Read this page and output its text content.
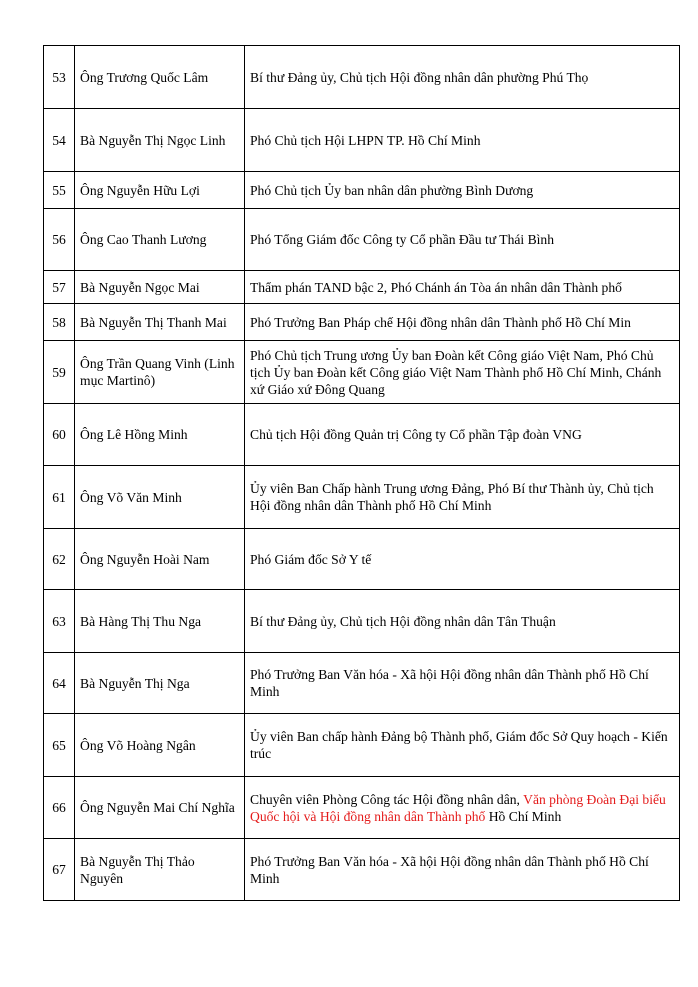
53	Ông Trương Quốc Lâm	Bí thư Đảng ủy, Chủ tịch Hội đồng nhân dân phường Phú Thọ
54	Bà Nguyễn Thị Ngọc Linh	Phó Chủ tịch Hội LHPN TP. Hồ Chí Minh
55	Ông Nguyễn Hữu Lợi	Phó Chủ tịch Ủy ban nhân dân phường Bình Dương
56	Ông Cao Thanh Lương	Phó Tổng Giám đốc Công ty Cổ phần Đầu tư Thái Bình
57	Bà Nguyễn Ngọc Mai	Thẩm phán TAND bậc 2, Phó Chánh án Tòa án nhân dân Thành phố
58	Bà Nguyễn Thị Thanh Mai	Phó Trưởng Ban Pháp chế Hội đồng nhân dân Thành phố Hồ Chí Min
59	Ông Trần Quang Vinh (Linh mục Martinô)	Phó Chủ tịch Trung ương Ủy ban Đoàn kết Công giáo Việt Nam, Phó Chủ tịch Ủy ban Đoàn kết Công giáo Việt Nam Thành phố Hồ Chí Minh, Chánh xứ Giáo xứ Đông Quang
60	Ông Lê Hồng Minh	Chủ tịch Hội đồng Quản trị Công ty Cổ phần Tập đoàn VNG
61	Ông Võ Văn Minh	Ủy viên Ban Chấp hành Trung ương Đảng, Phó Bí thư Thành ủy, Chủ tịch Hội đồng nhân dân Thành phố Hồ Chí Minh
62	Ông Nguyễn Hoài Nam	Phó Giám đốc Sở Y tế
63	Bà Hàng Thị Thu Nga	Bí thư Đảng ủy, Chủ tịch Hội đồng nhân dân Tân Thuận
64	Bà Nguyễn Thị Nga	Phó Trưởng Ban Văn hóa - Xã hội Hội đồng nhân dân Thành phố Hồ Chí Minh
65	Ông Võ Hoàng Ngân	Ủy viên Ban chấp hành Đảng bộ Thành phố, Giám đốc Sở Quy hoạch - Kiến trúc
66	Ông Nguyễn Mai Chí Nghĩa	Chuyên viên Phòng Công tác Hội đồng nhân dân, Văn phòng Đoàn Đại biểu Quốc hội và Hội đồng nhân dân Thành phố Hồ Chí Minh
67	Bà Nguyễn Thị Thảo Nguyên	Phó Trưởng Ban Văn hóa - Xã hội Hội đồng nhân dân Thành phố Hồ Chí Minh
